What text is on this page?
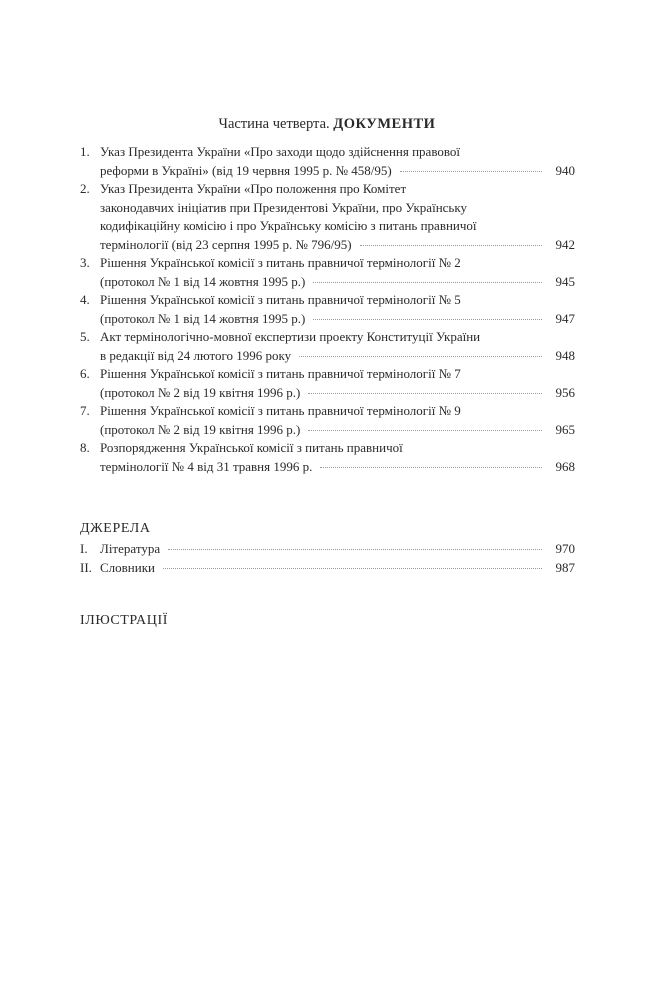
Частина четверта. ДОКУМЕНТИ
1. Указ Президента України «Про заходи щодо здійснення правової
реформи в Україні» (від 19 червня 1995 р. № 458/95)	940
2. Указ Президента України «Про положення про Комітет
законодавчих ініціатив при Президентові України, про Українську
кодифікаційну комісію і про Українську комісію з питань правничої
термінології (від 23 серпня 1995 р. № 796/95)	942
3. Рішення Української комісії з питань правничої термінології № 2
(протокол № 1 від 14 жовтня 1995 р.)	945
4. Рішення Української комісії з питань правничої термінології № 5
(протокол № 1 від 14 жовтня 1995 р.)	947
5. Акт термінологічно-мовної експертизи проекту Конституції України
в редакції від 24 лютого 1996 року	948
6. Рішення Української комісії з питань правничої термінології № 7
(протокол № 2 від 19 квітня 1996 р.)	956
7. Рішення Української комісії з питань правничої термінології № 9
(протокол № 2 від 19 квітня 1996 р.)	965
8. Розпорядження Української комісії з питань правничої
термінології № 4 від 31 травня 1996 р.	968
ДЖЕРЕЛА
I. Література	970
II. Словники	987
ІЛЮСТРАЦІЇ
